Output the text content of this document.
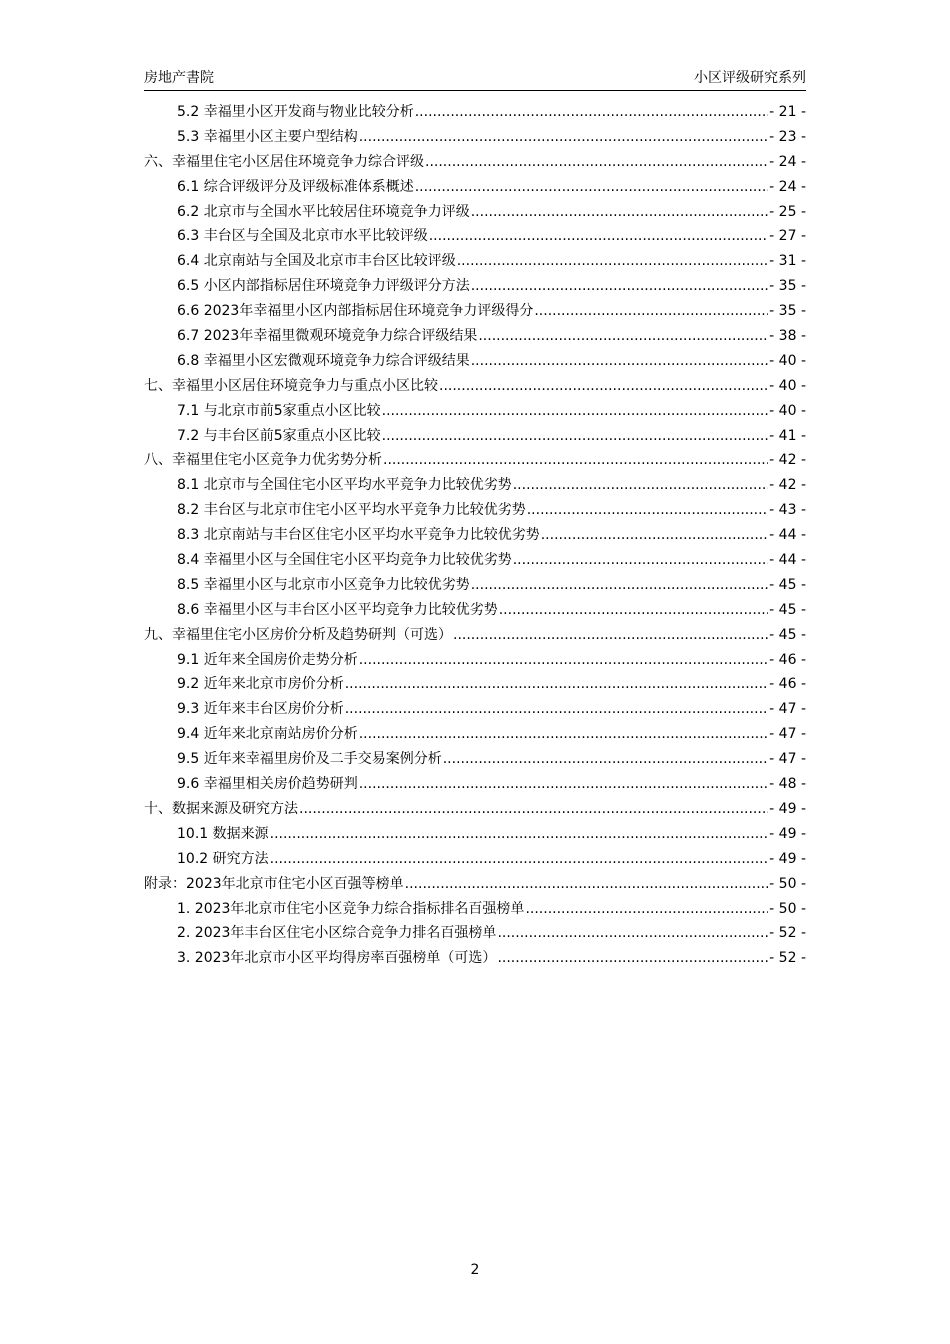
房地产書院	小区评级研究系列
5.2 幸福里小区开发商与物业比较分析 .....	- 21 -
5.3 幸福里小区主要户型结构 .....	- 23 -
六、幸福里住宅小区居住环境竞争力综合评级 .....	- 24 -
6.1 综合评级评分及评级标准体系概述 .....	- 24 -
6.2 北京市与全国水平比较居住环境竞争力评级 .....	- 25 -
6.3 丰台区与全国及北京市水平比较评级 .....	- 27 -
6.4 北京南站与全国及北京市丰台区比较评级 .....	- 31 -
6.5 小区内部指标居住环境竞争力评级评分方法 .....	- 35 -
6.6 2023年幸福里小区内部指标居住环境竞争力评级得分 .....	- 35 -
6.7 2023年幸福里微观环境竞争力综合评级结果 .....	- 38 -
6.8 幸福里小区宏微观环境竞争力综合评级结果 .....	- 40 -
七、幸福里小区居住环境竞争力与重点小区比较 .....	- 40 -
7.1 与北京市前5家重点小区比较 .....	- 40 -
7.2 与丰台区前5家重点小区比较 .....	- 41 -
八、幸福里住宅小区竞争力优劣势分析 .....	- 42 -
8.1 北京市与全国住宅小区平均水平竞争力比较优劣势 .....	- 42 -
8.2 丰台区与北京市住宅小区平均水平竞争力比较优劣势 .....	- 43 -
8.3 北京南站与丰台区住宅小区平均水平竞争力比较优劣势 .....	- 44 -
8.4 幸福里小区与全国住宅小区平均竞争力比较优劣势 .....	- 44 -
8.5 幸福里小区与北京市小区竞争力比较优劣势 .....	- 45 -
8.6 幸福里小区与丰台区小区平均竞争力比较优劣势 .....	- 45 -
九、幸福里住宅小区房价分析及趋势研判（可选） .....	- 45 -
9.1 近年来全国房价走势分析 .....	- 46 -
9.2 近年来北京市房价分析 .....	- 46 -
9.3 近年来丰台区房价分析 .....	- 47 -
9.4 近年来北京南站房价分析 .....	- 47 -
9.5 近年来幸福里房价及二手交易案例分析 .....	- 47 -
9.6 幸福里相关房价趋势研判 .....	- 48 -
十、数据来源及研究方法 .....	- 49 -
10.1 数据来源 .....	- 49 -
10.2 研究方法 .....	- 49 -
附录：2023年北京市住宅小区百强等榜单 .....	- 50 -
1. 2023年北京市住宅小区竞争力综合指标排名百强榜单 .....	- 50 -
2. 2023年丰台区住宅小区综合竞争力排名百强榜单 .....	- 52 -
3. 2023年北京市小区平均得房率百强榜单（可选） .....	- 52 -
2
